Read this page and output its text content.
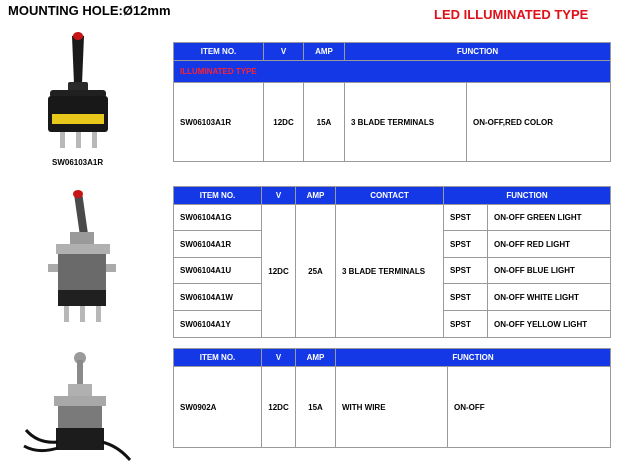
MOUNTING HOLE:Ø12mm	LED ILLUMINATED TYPE
SW06103A1R
ITEM NO.	V	AMP	FUNCTION	
ILLUMINATED TYPE				
SW06103A1R	12DC	15A	3 BLADE TERMINALS	ON-OFF,RED COLOR
ITEM NO.	V	AMP	CONTACT	FUNCTION	
SW06104A1G	12DC	25A	3 BLADE TERMINALS	SPST	ON-OFF GREEN LIGHT
SW06104A1R				SPST	ON-OFF RED LIGHT
SW06104A1U				SPST	ON-OFF BLUE LIGHT
SW06104A1W				SPST	ON-OFF WHITE LIGHT
SW06104A1Y				SPST	ON-OFF YELLOW LIGHT
ITEM NO.	V	AMP	FUNCTION	
SW0902A	12DC	15A	WITH WIRE	ON-OFF
